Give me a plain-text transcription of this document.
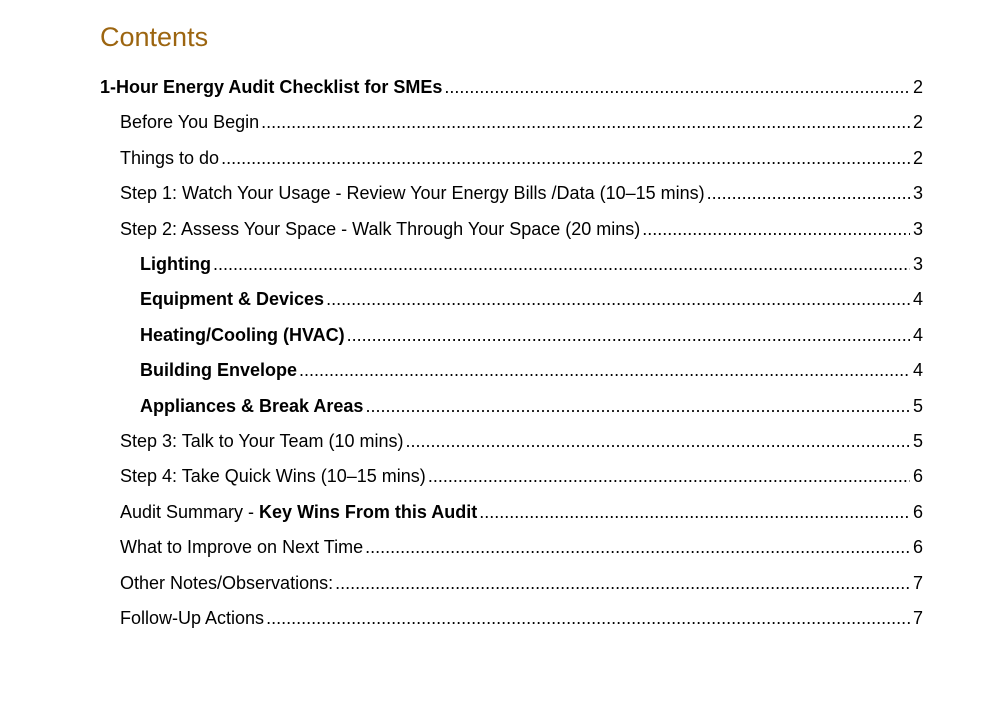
Contents
1-Hour Energy Audit Checklist for SMEs .....	2
Before You Begin .....	2
Things to do .....	2
Step 1: Watch Your Usage - Review Your Energy Bills /Data (10–15 mins) .....	3
Step 2: Assess Your Space - Walk Through Your Space (20 mins) .....	3
Lighting .....	3
Equipment & Devices .....	4
Heating/Cooling (HVAC) .....	4
Building Envelope .....	4
Appliances & Break Areas .....	5
Step 3: Talk to Your Team (10 mins) .....	5
Step 4: Take Quick Wins (10–15 mins) .....	6
Audit Summary - Key Wins From this Audit .....	6
What to Improve on Next Time .....	6
Other Notes/Observations: .....	7
Follow-Up Actions .....	7
